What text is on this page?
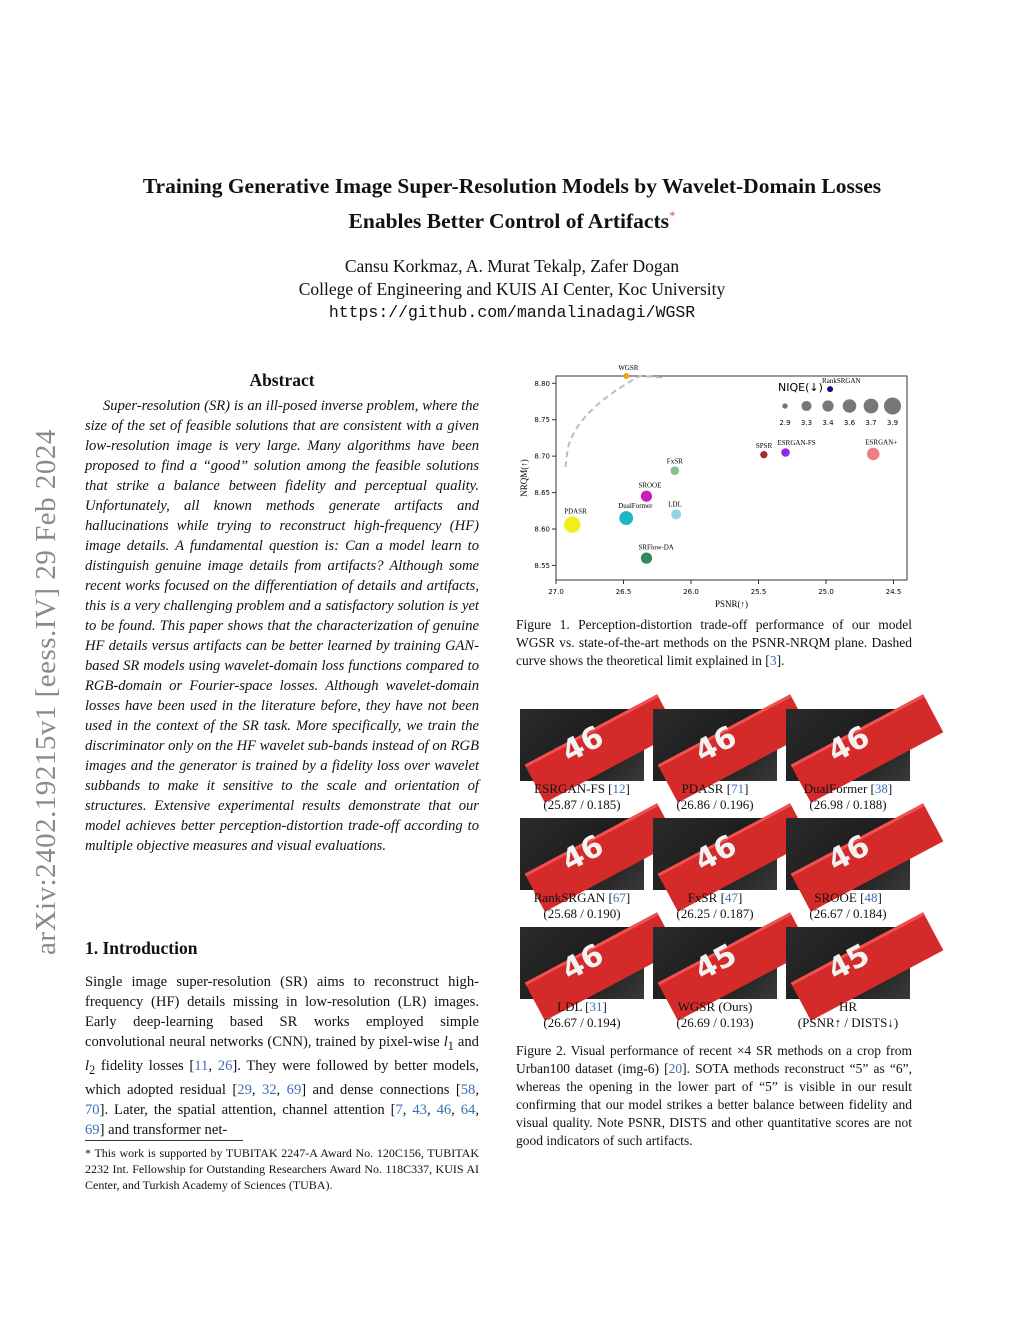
arXiv:2402.19215v1 [eess.IV] 29 Feb 2024
Training Generative Image Super-Resolution Models by Wavelet-Domain Losses
Enables Better Control of Artifacts*
Cansu Korkmaz, A. Murat Tekalp, Zafer Dogan
College of Engineering and KUIS AI Center, Koc University
https://github.com/mandalinadagi/WGSR
Abstract

Super-resolution (SR) is an ill-posed inverse problem, where the size of the set of feasible solutions that are consistent with a given low-resolution image is very large. Many algorithms have been proposed to find a “good” solution among the feasible solutions that strike a balance between fidelity and perceptual quality. Unfortunately, all known methods generate artifacts and hallucinations while trying to reconstruct high-frequency (HF) image details. A fundamental question is: Can a model learn to distinguish genuine image details from artifacts? Although some recent works focused on the differentiation of details and artifacts, this is a very challenging problem and a satisfactory solution is yet to be found. This paper shows that the characterization of genuine HF details versus artifacts can be better learned by training GAN-based SR models using wavelet-domain loss functions compared to RGB-domain or Fourier-space losses. Although wavelet-domain losses have been used in the literature before, they have not been used in the context of the SR task. More specifically, we train the discriminator only on the HF wavelet sub-bands instead of on RGB images and the generator is trained by a fidelity loss over wavelet subbands to make it sensitive to the scale and orientation of structures. Extensive experimental results demonstrate that our model achieves better perception-distortion trade-off according to multiple objective measures and visual evaluations.

1. Introduction

Single image super-resolution (SR) aims to reconstruct high-frequency (HF) details missing in low-resolution (LR) images. Early deep-learning based SR works employed simple convolutional neural networks (CNN), trained by pixel-wise $l_1$ and $l_2$ fidelity losses [11, 26]. They were followed by better models, which adopted residual [29, 32, 69] and dense connections [58, 70]. Later, the spatial attention, channel attention [7, 43, 46, 64, 69] and transformer net-

* This work is supported by TUBITAK 2247-A Award No. 120C156, TUBITAK 2232 Int. Fellowship for Outstanding Researchers Award No. 118C337, KUIS AI Center, and Turkish Academy of Sciences (TUBA).

27.0	26.5	26.0	25.5	25.0	24.5
8.55
8.60
8.65
8.70
8.75
8.80
PSNR(↑)
NRQM(↑)
SRFlow-DA
PDASR
DualFormer LDL
SROOE
FxSR
SPSR ESRGAN-FS	ESRGAN+
RankSRGAN
WGSR
NIQE(↓)
2.9 3.3 3.4 3.6 3.7 3.9

Figure 1. Perception-distortion trade-off performance of our model WGSR vs. state-of-the-art methods on the PSNR-NRQM plane. Dashed curve shows the theoretical limit explained in [3].

46
ESRGAN-FS [12]
(25.87 / 0.185)
46
PDASR [71]
(26.86 / 0.196)
46
DualFormer [38]
(26.98 / 0.188)
46
RankSRGAN [67]
(25.68 / 0.190)
46
FxSR [47]
(26.25 / 0.187)
46
SROOE [48]
(26.67 / 0.184)
46
LDL [31]
(26.67 / 0.194)
45
WGSR (Ours)
(26.69 / 0.193)
45
HR
(PSNR↑ / DISTS↓)

Figure 2. Visual performance of recent ×4 SR methods on a crop from Urban100 dataset (img-6) [20]. SOTA methods reconstruct “5” as “6”, whereas the opening in the lower part of “5” is visible in our result confirming that our model strikes a better balance between fidelity and visual quality. Note PSNR, DISTS and other quantitative scores are not good indicators of such artifacts.
